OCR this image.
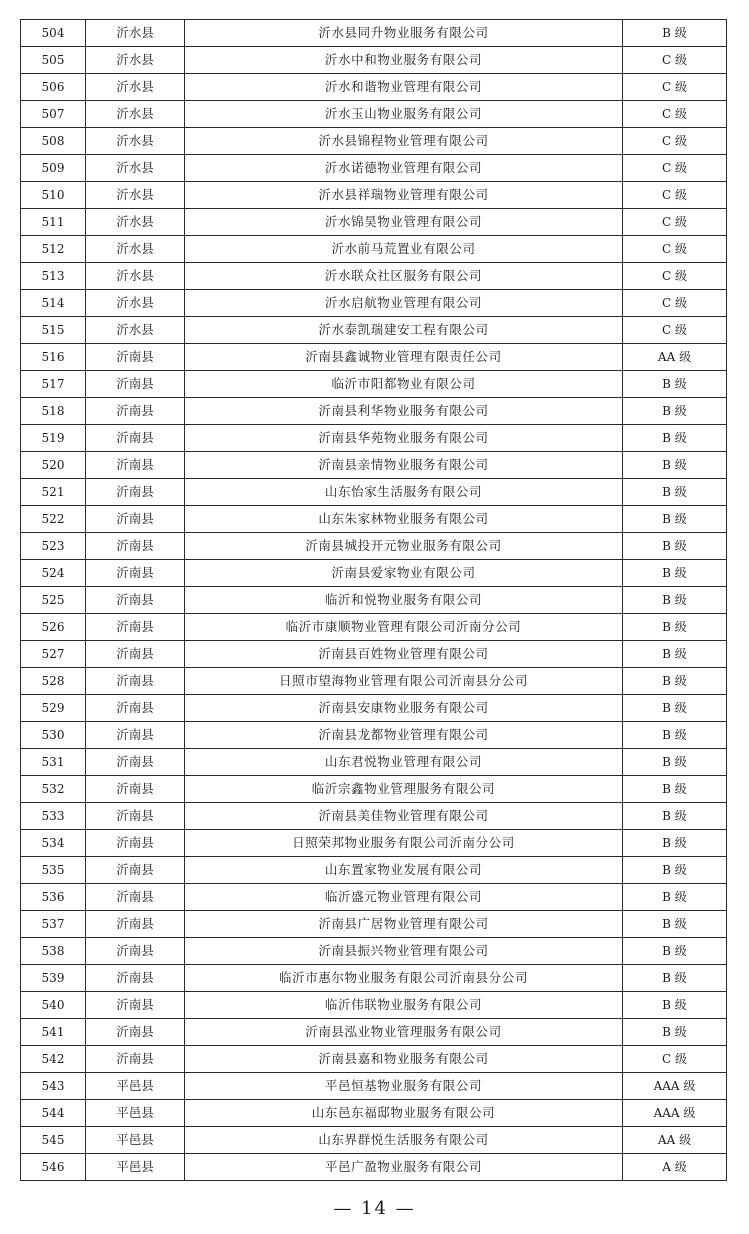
504	沂水县	沂水县同升物业服务有限公司	B 级
505	沂水县	沂水中和物业服务有限公司	C 级
506	沂水县	沂水和谐物业管理有限公司	C 级
507	沂水县	沂水玉山物业服务有限公司	C 级
508	沂水县	沂水县锦程物业管理有限公司	C 级
509	沂水县	沂水诺德物业管理有限公司	C 级
510	沂水县	沂水县祥瑞物业管理有限公司	C 级
511	沂水县	沂水锦昊物业管理有限公司	C 级
512	沂水县	沂水前马荒置业有限公司	C 级
513	沂水县	沂水联众社区服务有限公司	C 级
514	沂水县	沂水启航物业管理有限公司	C 级
515	沂水县	沂水泰凯瑞建安工程有限公司	C 级
516	沂南县	沂南县鑫诚物业管理有限责任公司	AA 级
517	沂南县	临沂市阳都物业有限公司	B 级
518	沂南县	沂南县利华物业服务有限公司	B 级
519	沂南县	沂南县华苑物业服务有限公司	B 级
520	沂南县	沂南县亲情物业服务有限公司	B 级
521	沂南县	山东怡家生活服务有限公司	B 级
522	沂南县	山东朱家林物业服务有限公司	B 级
523	沂南县	沂南县城投开元物业服务有限公司	B 级
524	沂南县	沂南县爱家物业有限公司	B 级
525	沂南县	临沂和悦物业服务有限公司	B 级
526	沂南县	临沂市康顺物业管理有限公司沂南分公司	B 级
527	沂南县	沂南县百姓物业管理有限公司	B 级
528	沂南县	日照市望海物业管理有限公司沂南县分公司	B 级
529	沂南县	沂南县安康物业服务有限公司	B 级
530	沂南县	沂南县龙都物业管理有限公司	B 级
531	沂南县	山东君悦物业管理有限公司	B 级
532	沂南县	临沂宗鑫物业管理服务有限公司	B 级
533	沂南县	沂南县美佳物业管理有限公司	B 级
534	沂南县	日照荣邦物业服务有限公司沂南分公司	B 级
535	沂南县	山东置家物业发展有限公司	B 级
536	沂南县	临沂盛元物业管理有限公司	B 级
537	沂南县	沂南县广居物业管理有限公司	B 级
538	沂南县	沂南县振兴物业管理有限公司	B 级
539	沂南县	临沂市惠尔物业服务有限公司沂南县分公司	B 级
540	沂南县	临沂伟联物业服务有限公司	B 级
541	沂南县	沂南县泓业物业管理服务有限公司	B 级
542	沂南县	沂南县嘉和物业服务有限公司	C 级
543	平邑县	平邑恒基物业服务有限公司	AAA 级
544	平邑县	山东邑东福邸物业服务有限公司	AAA 级
545	平邑县	山东界群悦生活服务有限公司	AA 级
546	平邑县	平邑广盈物业服务有限公司	A 级
— 14 —
